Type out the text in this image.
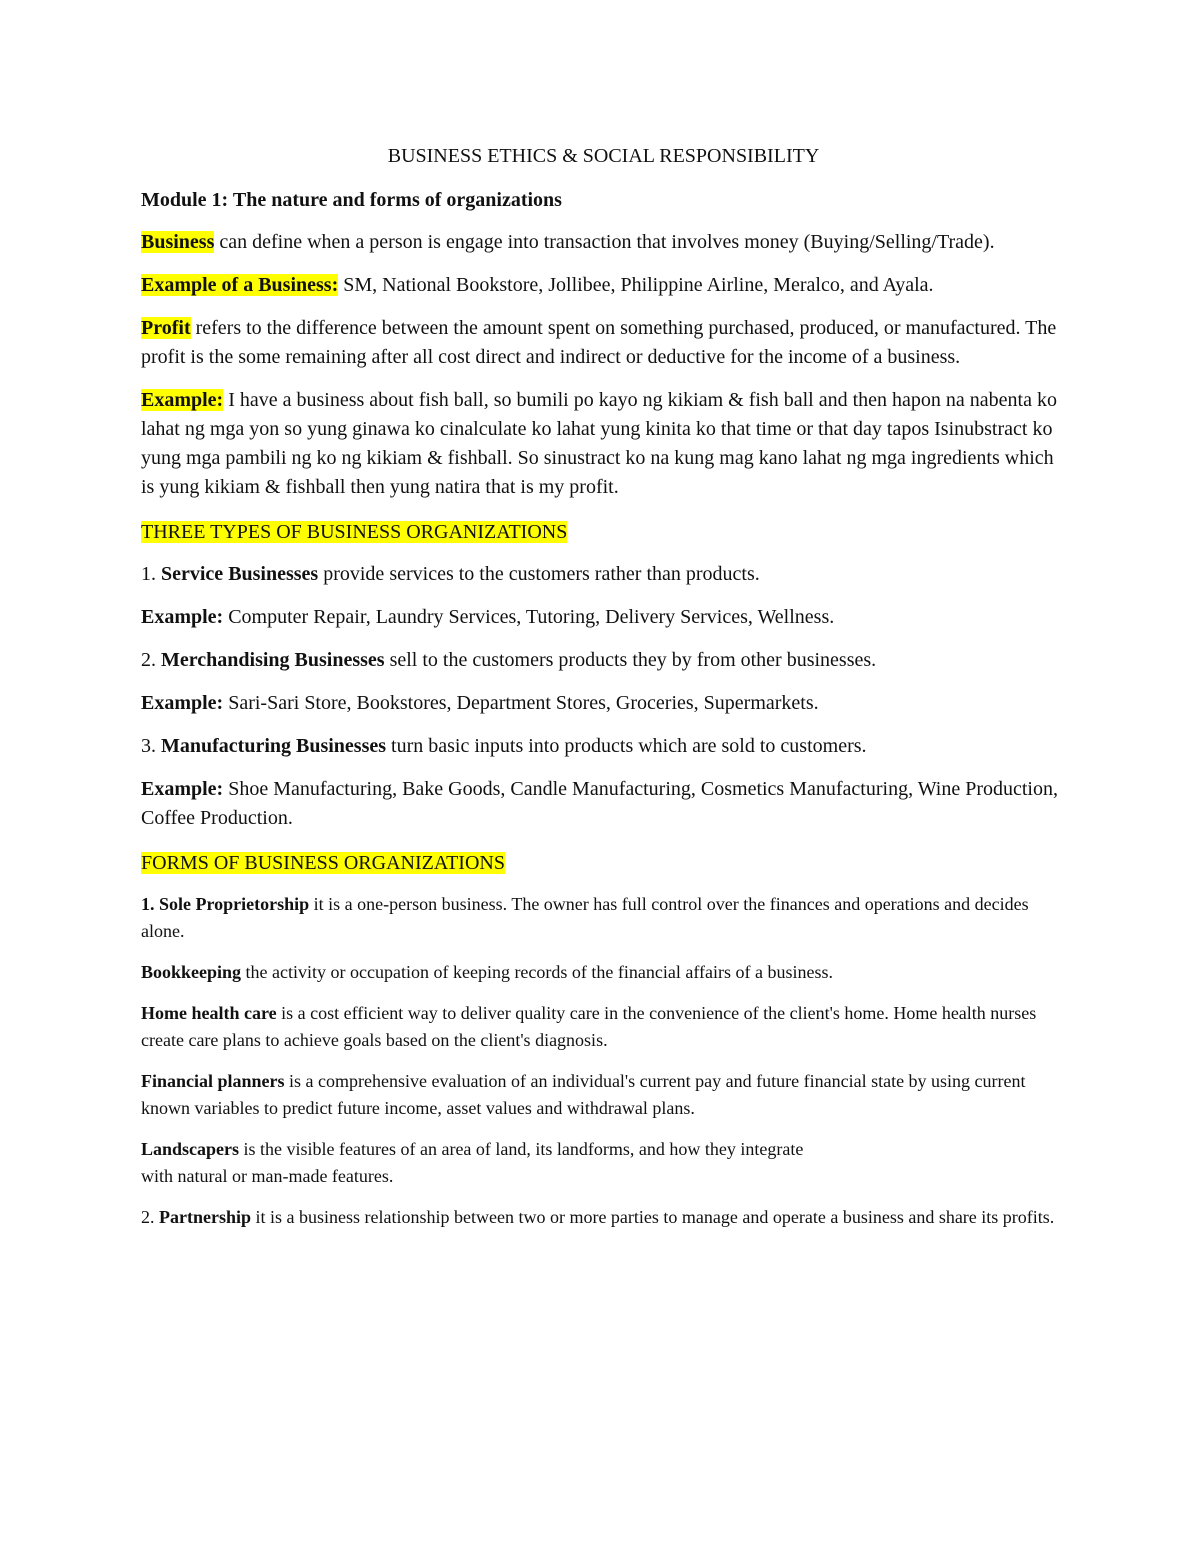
BUSINESS ETHICS & SOCIAL RESPONSIBILITY
Module 1: The nature and forms of organizations

Business can define when a person is engage into transaction that involves money (Buying/Selling/Trade).

Example of a Business: SM, National Bookstore, Jollibee, Philippine Airline, Meralco, and Ayala.

Profit refers to the difference between the amount spent on something purchased, produced, or manufactured. The profit is the some remaining after all cost direct and indirect or deductive for the income of a business.

Example: I have a business about fish ball, so bumili po kayo ng kikiam & fish ball and then hapon na nabenta ko lahat ng mga yon so yung ginawa ko cinalculate ko lahat yung kinita ko that time or that day tapos Isinubstract ko yung mga pambili ng ko ng kikiam & fishball. So sinustract ko na kung mag kano lahat ng mga ingredients which is yung kikiam & fishball then yung natira that is my profit.

THREE TYPES OF BUSINESS ORGANIZATIONS

1. Service Businesses provide services to the customers rather than products.

Example: Computer Repair, Laundry Services, Tutoring, Delivery Services, Wellness.

2. Merchandising Businesses sell to the customers products they by from other businesses.

Example: Sari-Sari Store, Bookstores, Department Stores, Groceries, Supermarkets.

3. Manufacturing Businesses turn basic inputs into products which are sold to customers.

Example: Shoe Manufacturing, Bake Goods, Candle Manufacturing, Cosmetics Manufacturing, Wine Production, Coffee Production.

FORMS OF BUSINESS ORGANIZATIONS

1. Sole Proprietorship it is a one-person business. The owner has full control over the finances and operations and decides alone.

Bookkeeping the activity or occupation of keeping records of the financial affairs of a business.

Home health care is a cost efficient way to deliver quality care in the convenience of the client's home. Home health nurses create care plans to achieve goals based on the client's diagnosis.

Financial planners is a comprehensive evaluation of an individual's current pay and future financial state by using current known variables to predict future income, asset values and withdrawal plans.

Landscapers is the visible features of an area of land, its landforms, and how they integrate
with natural or man-made features.

2. Partnership it is a business relationship between two or more parties to manage and operate a business and share its profits.
